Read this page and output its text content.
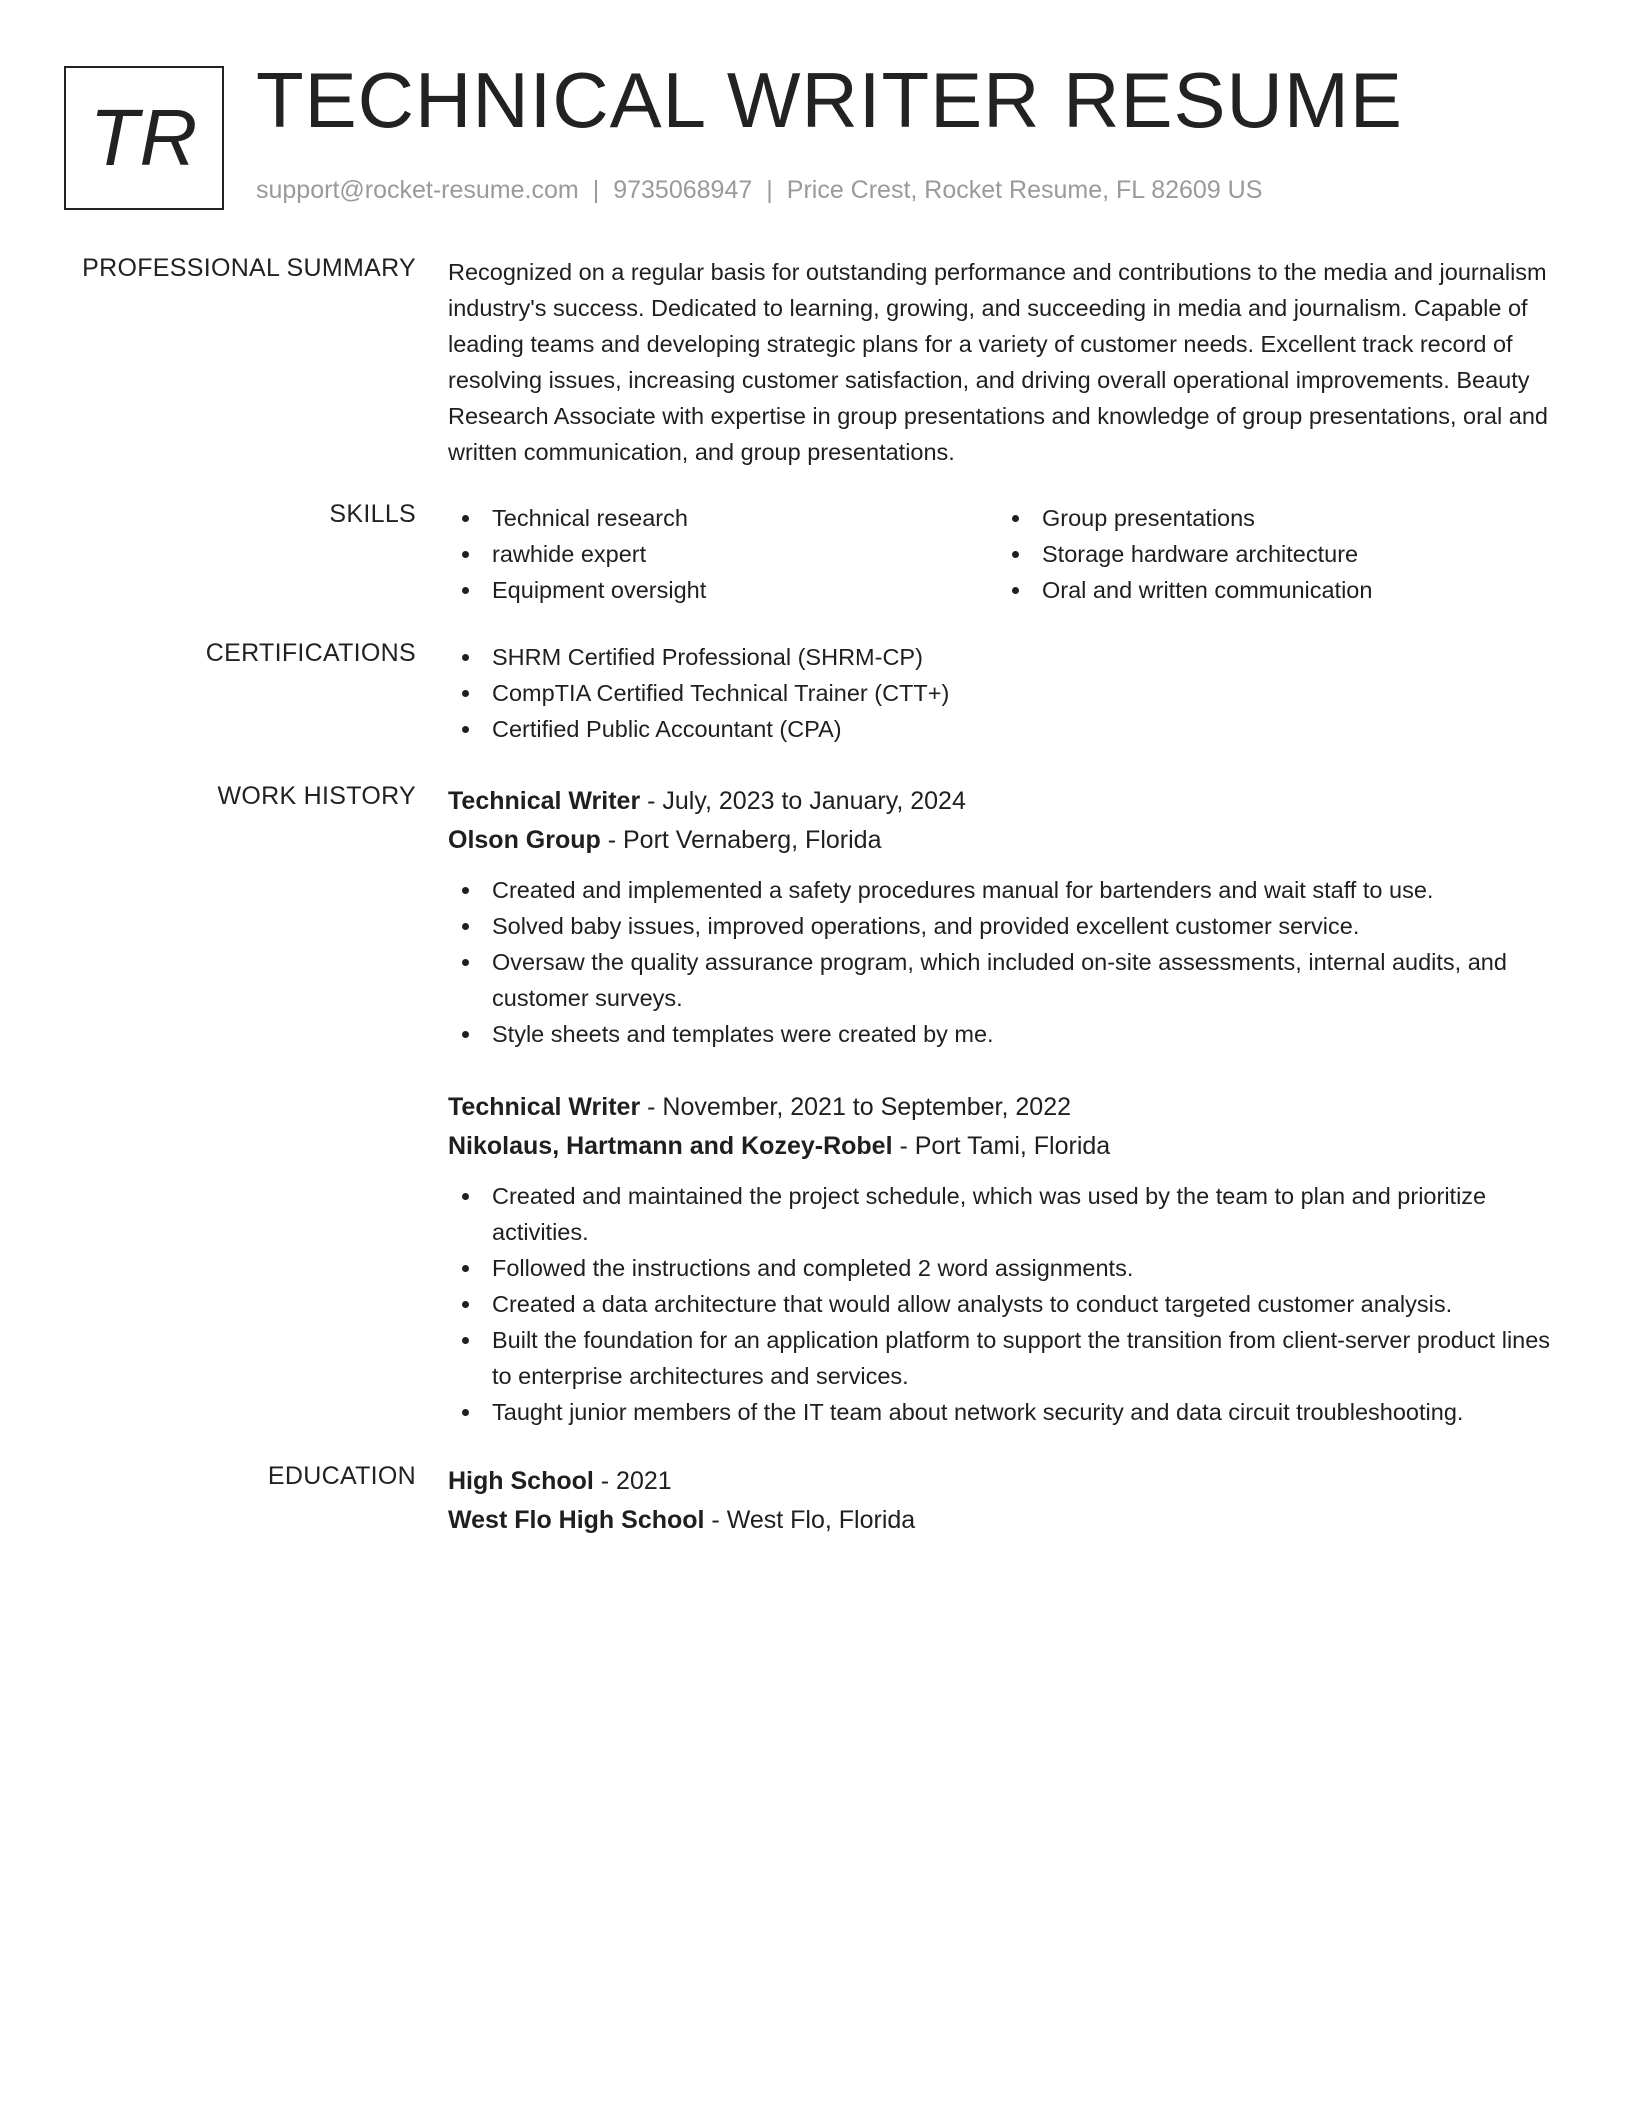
TR TECHNICAL WRITER RESUME
support@rocket-resume.com | 9735068947 | Price Crest, Rocket Resume, FL 82609 US
PROFESSIONAL SUMMARY Recognized on a regular basis for outstanding performance and contributions to the media and journalism industry's success. Dedicated to learning, growing, and succeeding in media and journalism. Capable of leading teams and developing strategic plans for a variety of customer needs. Excellent track record of resolving issues, increasing customer satisfaction, and driving overall operational improvements. Beauty Research Associate with expertise in group presentations and knowledge of group presentations, oral and written communication, and group presentations.
SKILLS	Technical research
rawhide expert
Equipment oversight
Group presentations
Storage hardware architecture
Oral and written communication
CERTIFICATIONS	SHRM Certified Professional (SHRM-CP)
CompTIA Certified Technical Trainer (CTT+)
Certified Public Accountant (CPA)
WORK HISTORY Technical Writer - July, 2023 to January, 2024
Olson Group - Port Vernaberg, Florida
Created and implemented a safety procedures manual for bartenders and wait staff to use.
Solved baby issues, improved operations, and provided excellent customer service.
Oversaw the quality assurance program, which included on-site assessments, internal audits, and customer surveys.
Style sheets and templates were created by me.
Technical Writer - November, 2021 to September, 2022
Nikolaus, Hartmann and Kozey-Robel - Port Tami, Florida
Created and maintained the project schedule, which was used by the team to plan and prioritize activities.
Followed the instructions and completed 2 word assignments.
Created a data architecture that would allow analysts to conduct targeted customer analysis.
Built the foundation for an application platform to support the transition from client-server product lines to enterprise architectures and services.
Taught junior members of the IT team about network security and data circuit troubleshooting.
EDUCATION High School - 2021
West Flo High School - West Flo, Florida
